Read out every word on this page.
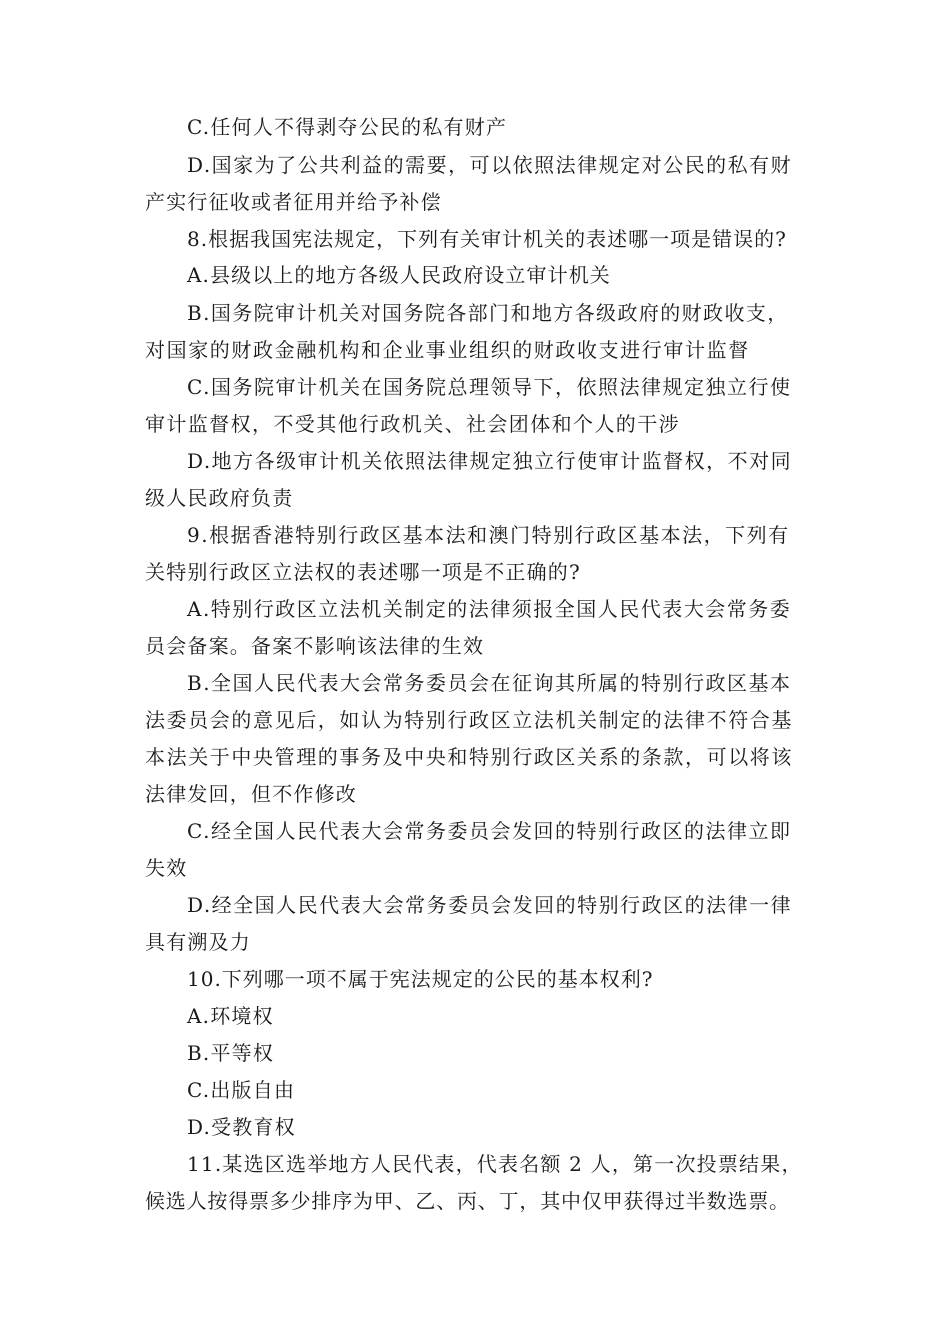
C.任何人不得剥夺公民的私有财产
D.国家为了公共利益的需要，可以依照法律规定对公民的私有财
产实行征收或者征用并给予补偿
8.根据我国宪法规定，下列有关审计机关的表述哪一项是错误的?
A.县级以上的地方各级人民政府设立审计机关
B.国务院审计机关对国务院各部门和地方各级政府的财政收支，
对国家的财政金融机构和企业事业组织的财政收支进行审计监督
C.国务院审计机关在国务院总理领导下，依照法律规定独立行使
审计监督权，不受其他行政机关、社会团体和个人的干涉
D.地方各级审计机关依照法律规定独立行使审计监督权，不对同
级人民政府负责
9.根据香港特别行政区基本法和澳门特别行政区基本法，下列有
关特别行政区立法权的表述哪一项是不正确的?
A.特别行政区立法机关制定的法律须报全国人民代表大会常务委
员会备案。备案不影响该法律的生效
B.全国人民代表大会常务委员会在征询其所属的特别行政区基本
法委员会的意见后，如认为特别行政区立法机关制定的法律不符合基
本法关于中央管理的事务及中央和特别行政区关系的条款，可以将该
法律发回，但不作修改
C.经全国人民代表大会常务委员会发回的特别行政区的法律立即
失效
D.经全国人民代表大会常务委员会发回的特别行政区的法律一律
具有溯及力
10.下列哪一项不属于宪法规定的公民的基本权利?
A.环境权
B.平等权
C.出版自由
D.受教育权
11.某选区选举地方人民代表，代表名额 2 人，第一次投票结果，
候选人按得票多少排序为甲、乙、丙、丁，其中仅甲获得过半数选票。
